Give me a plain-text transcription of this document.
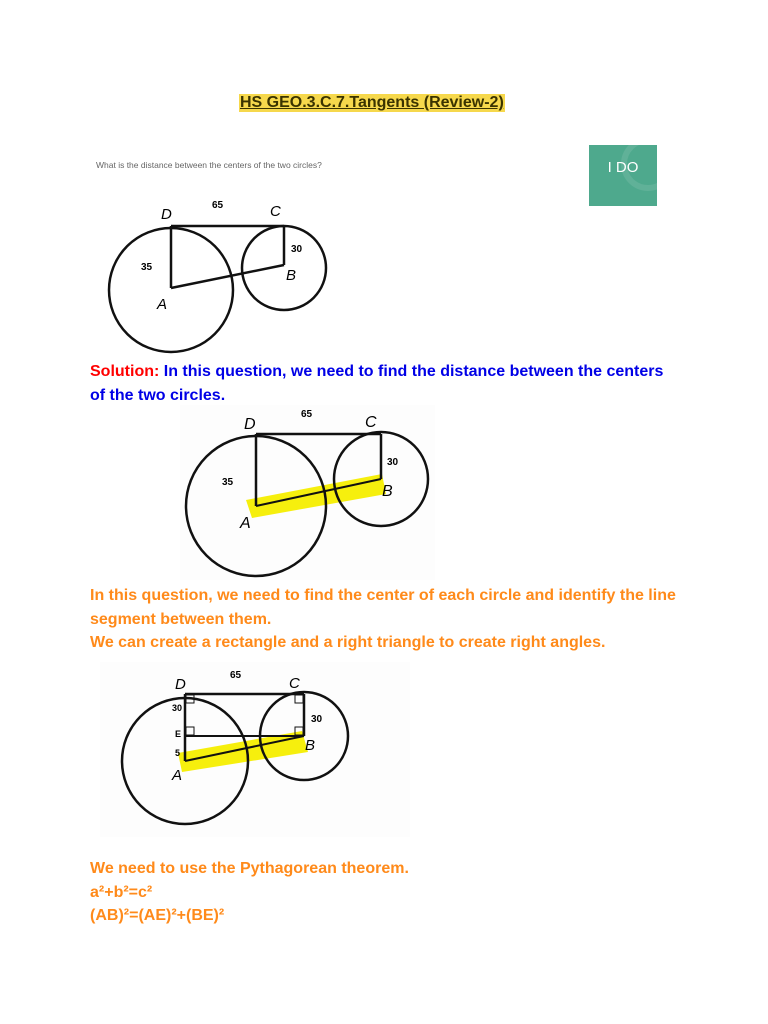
HS GEO.3.C.7.Tangents (Review-2)
What is the distance between the centers of the two circles?	I DO
D	C
65
35
30
B
A
Solution: In this question, we need to find the distance between the centers of the two circles.
D	C
65
35
30
B
A
In this question, we need to find the center of each circle and identify the line segment between them.
We can create a rectangle and a right triangle to create right angles.
D	C
65
30
E
5
30
B
A
We need to use the Pythagorean theorem.
a²+b²=c²
(AB)²=(AE)²+(BE)²
